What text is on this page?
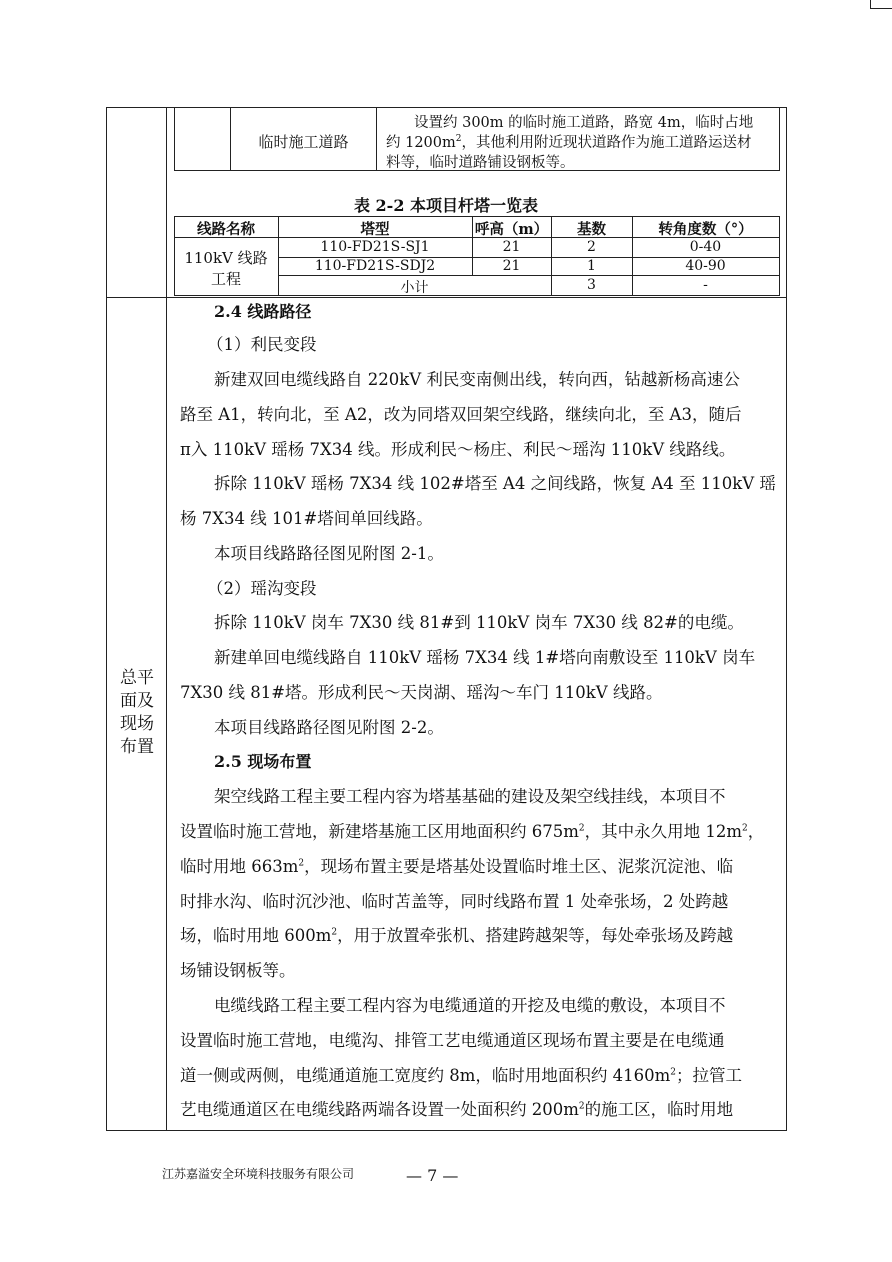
临时施工道路
设置约 300m 的临时施工道路，路宽 4m，临时占地
约 $1200m^2$，其他利用附近现状道路作为施工道路运送材
料等，临时道路铺设钢板等。
表 2-2 本项目杆塔一览表
线路名称	塔型	呼高（m）	基数	转角度数（°）
110kV 线路
工程
110-FD21S-SJ1	21	2	0-40
110-FD21S-SDJ2	21	1	40-90
小计	3	-
总平
面及
现场
布置
2.4 线路路径
（1）利民变段
新建双回电缆线路自 220kV 利民变南侧出线，转向西，钻越新杨高速公
路至 A1，转向北，至 A2，改为同塔双回架空线路，继续向北，至 A3，随后
π入 110kV 瑶杨 7X34 线。形成利民～杨庄、利民～瑶沟 110kV 线路线。
拆除 110kV 瑶杨 7X34 线 102#塔至 A4 之间线路，恢复 A4 至 110kV 瑶
杨 7X34 线 101#塔间单回线路。
本项目线路路径图见附图 2-1。
（2）瑶沟变段
拆除 110kV 岗车 7X30 线 81#到 110kV 岗车 7X30 线 82#的电缆。
新建单回电缆线路自 110kV 瑶杨 7X34 线 1#塔向南敷设至 110kV 岗车
7X30 线 81#塔。形成利民～天岗湖、瑶沟～车门 110kV 线路。
本项目线路路径图见附图 2-2。
2.5 现场布置
架空线路工程主要工程内容为塔基基础的建设及架空线挂线，本项目不
设置临时施工营地，新建塔基施工区用地面积约 $675m^2$，其中永久用地 $12m^2$，
临时用地 $663m^2$，现场布置主要是塔基处设置临时堆土区、泥浆沉淀池、临
时排水沟、临时沉沙池、临时苫盖等，同时线路布置 1 处牵张场，2 处跨越
场，临时用地 $600m^2$，用于放置牵张机、搭建跨越架等，每处牵张场及跨越
场铺设钢板等。
电缆线路工程主要工程内容为电缆通道的开挖及电缆的敷设，本项目不
设置临时施工营地，电缆沟、排管工艺电缆通道区现场布置主要是在电缆通
道一侧或两侧，电缆通道施工宽度约 8m，临时用地面积约 $4160m^2$；拉管工
艺电缆通道区在电缆线路两端各设置一处面积约 $200m^2$的施工区，临时用地
江苏嘉溢安全环境科技服务有限公司	— 7 —
